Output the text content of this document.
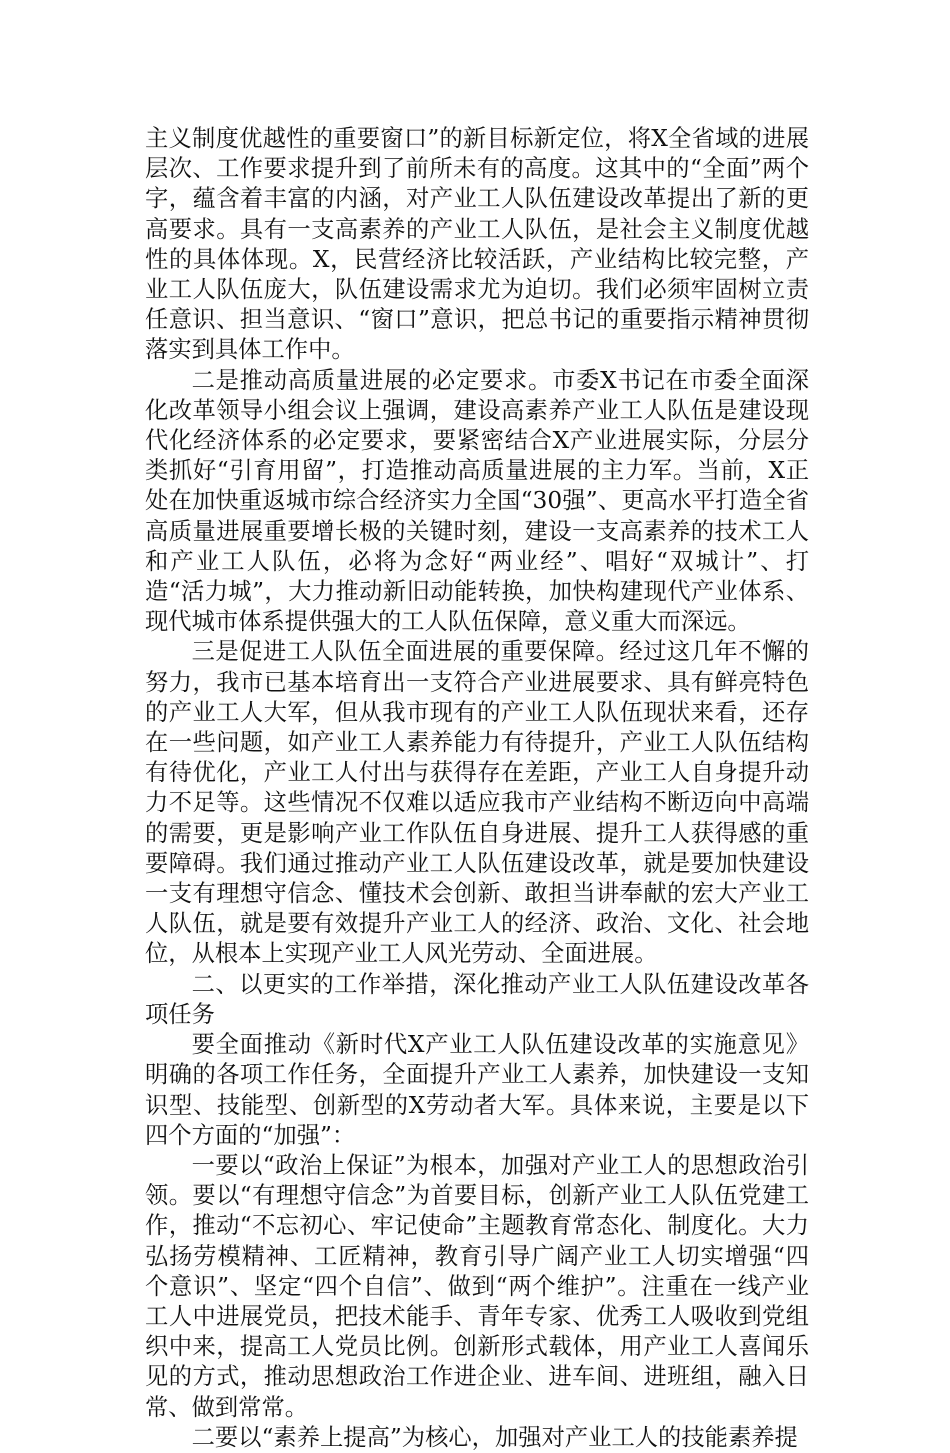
主义制度优越性的重要窗口”的新目标新定位，将X全省域的进展层次、工作要求提升到了前所未有的高度。这其中的“全面”两个字，蕴含着丰富的内涵，对产业工人队伍建设改革提出了新的更高要求。具有一支高素养的产业工人队伍，是社会主义制度优越性的具体体现。X，民营经济比较活跃，产业结构比较完整，产业工人队伍庞大，队伍建设需求尤为迫切。我们必须牢固树立责任意识、担当意识、“窗口”意识，把总书记的重要指示精神贯彻落实到具体工作中。

二是推动高质量进展的必定要求。市委X书记在市委全面深化改革领导小组会议上强调，建设高素养产业工人队伍是建设现代化经济体系的必定要求，要紧密结合X产业进展实际，分层分类抓好“引育用留”，打造推动高质量进展的主力军。当前，X正处在加快重返城市综合经济实力全国“30强”、更高水平打造全省高质量进展重要增长极的关键时刻，建设一支高素养的技术工人和产业工人队伍，必将为念好“两业经”、唱好“双城计”、打造“活力城”，大力推动新旧动能转换，加快构建现代产业体系、现代城市体系提供强大的工人队伍保障，意义重大而深远。

三是促进工人队伍全面进展的重要保障。经过这几年不懈的努力，我市已基本培育出一支符合产业进展要求、具有鲜亮特色的产业工人大军，但从我市现有的产业工人队伍现状来看，还存在一些问题，如产业工人素养能力有待提升，产业工人队伍结构有待优化，产业工人付出与获得存在差距，产业工人自身提升动力不足等。这些情况不仅难以适应我市产业结构不断迈向中高端的需要，更是影响产业工作队伍自身进展、提升工人获得感的重要障碍。我们通过推动产业工人队伍建设改革，就是要加快建设一支有理想守信念、懂技术会创新、敢担当讲奉献的宏大产业工人队伍，就是要有效提升产业工人的经济、政治、文化、社会地位，从根本上实现产业工人风光劳动、全面进展。

二、以更实的工作举措，深化推动产业工人队伍建设改革各项任务

要全面推动《新时代X产业工人队伍建设改革的实施意见》明确的各项工作任务，全面提升产业工人素养，加快建设一支知识型、技能型、创新型的X劳动者大军。具体来说，主要是以下四个方面的“加强”：

一要以“政治上保证”为根本，加强对产业工人的思想政治引领。要以“有理想守信念”为首要目标，创新产业工人队伍党建工作，推动“不忘初心、牢记使命”主题教育常态化、制度化。大力弘扬劳模精神、工匠精神，教育引导广阔产业工人切实增强“四个意识”、坚定“四个自信”、做到“两个维护”。注重在一线产业工人中进展党员，把技术能手、青年专家、优秀工人吸收到党组织中来，提高工人党员比例。创新形式载体，用产业工人喜闻乐见的方式，推动思想政治工作进企业、进车间、进班组，融入日常、做到常常。

二要以“素养上提高”为核心，加强对产业工人的技能素养提
